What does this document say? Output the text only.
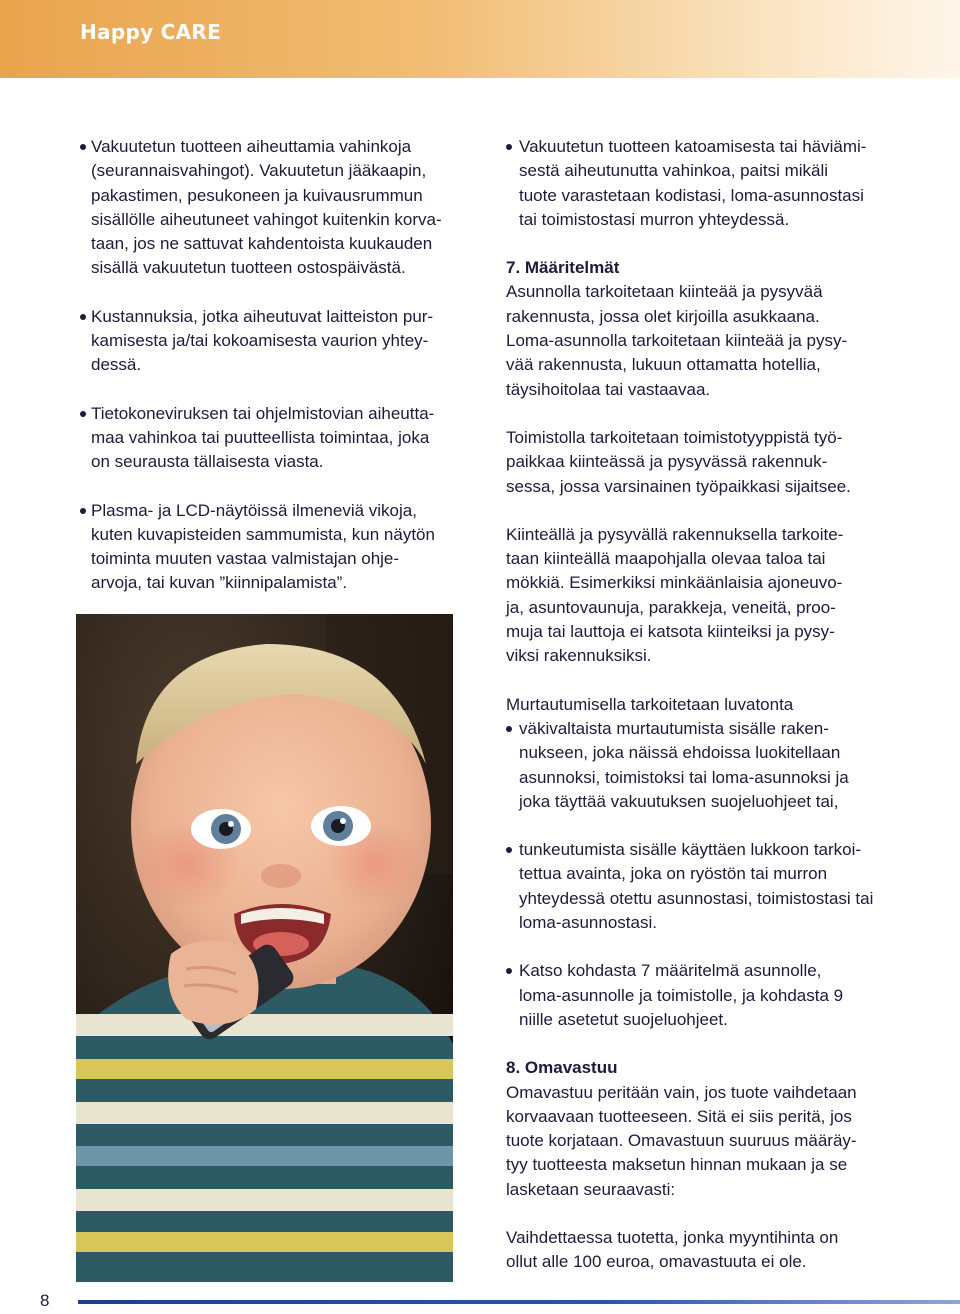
Happy CARE
Vakuutetun tuotteen aiheuttamia vahinkoja
(seurannaisvahingot). Vakuutetun jääkaapin,
pakastimen, pesukoneen ja kuivausrummun
sisällölle aiheutuneet vahingot kuitenkin korva-
taan, jos ne sattuvat kahdentoista kuukauden
sisällä vakuutetun tuotteen ostospäivästä.
Kustannuksia, jotka aiheutuvat laitteiston pur-
kamisesta ja/tai kokoamisesta vaurion yhtey-
dessä.
Tietokoneviruksen tai ohjelmistovian aiheutta-
maa vahinkoa tai puutteellista toimintaa, joka
on seurausta tällaisesta viasta.
Plasma- ja LCD-näytöissä ilmeneviä vikoja,
kuten kuvapisteiden sammumista, kun näytön
toiminta muuten vastaa valmistajan ohje-
arvoja, tai kuvan ”kiinnipalamista”.
Vakuutetun tuotteen katoamisesta tai häviämi-
sestä aiheutunutta vahinkoa, paitsi mikäli
tuote varastetaan kodistasi, loma-asunnostasi
tai toimistostasi murron yhteydessä.
7. Määritelmät

Asunnolla tarkoitetaan kiinteää ja pysyvää
rakennusta, jossa olet kirjoilla asukkaana.
Loma-asunnolla tarkoitetaan kiinteää ja pysy-
vää rakennusta, lukuun ottamatta hotellia,
täysihoitolaa tai vastaavaa.

Toimistolla tarkoitetaan toimistotyyppistä työ-
paikkaa kiinteässä ja pysyvässä rakennuk-
sessa, jossa varsinainen työpaikkasi sijaitsee.

Kiinteällä ja pysyvällä rakennuksella tarkoite-
taan kiinteällä maapohjalla olevaa taloa tai
mökkiä. Esimerkiksi minkäänlaisia ajoneuvo-
ja, asuntovaunuja, parakkeja, veneitä, proo-
muja tai lauttoja ei katsota kiinteiksi ja pysy-
viksi rakennuksiksi.

Murtautumisella tarkoitetaan luvatonta

väkivaltaista murtautumista sisälle raken-
nukseen, joka näissä ehdoissa luokitellaan
asunnoksi, toimistoksi tai loma-asunnoksi ja
joka täyttää vakuutuksen suojeluohjeet tai,
tunkeutumista sisälle käyttäen lukkoon tarkoi-
tettua avainta, joka on ryöstön tai murron
yhteydessä otettu asunnostasi, toimistostasi tai
loma-asunnostasi.
Katso kohdasta 7 määritelmä asunnolle,
loma-asunnolle ja toimistolle, ja kohdasta 9
niille asetetut suojeluohjeet.
8. Omavastuu

Omavastuu peritään vain, jos tuote vaihdetaan
korvaavaan tuotteeseen. Sitä ei siis peritä, jos
tuote korjataan. Omavastuun suuruus määräy-
tyy tuotteesta maksetun hinnan mukaan ja se
lasketaan seuraavasti:

Vaihdettaessa tuotetta, jonka myyntihinta on
ollut alle 100 euroa, omavastuuta ei ole.

8
